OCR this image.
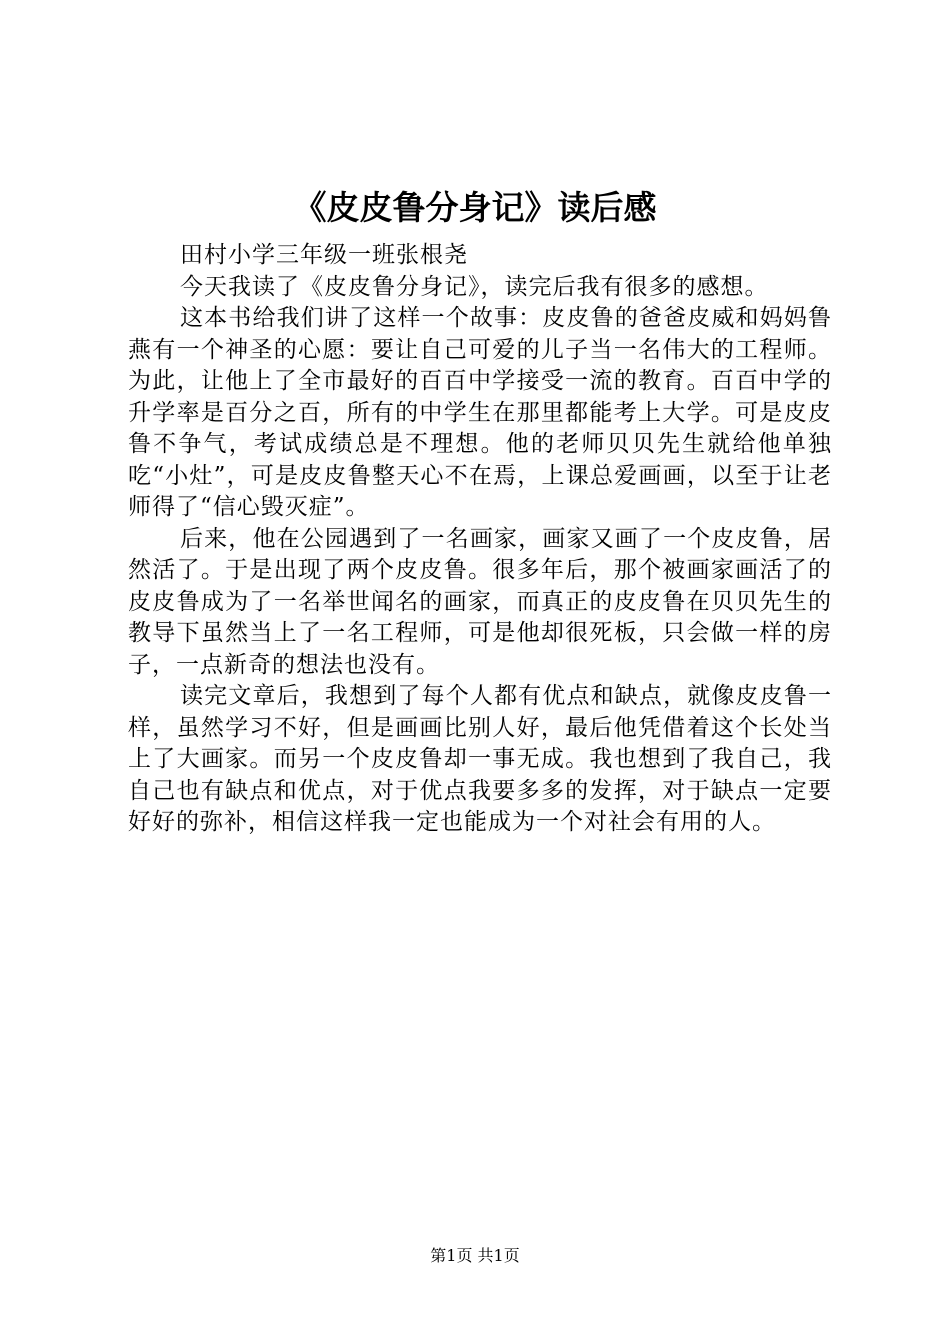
《皮皮鲁分身记》读后感

田村小学三年级一班张根尧

今天我读了《皮皮鲁分身记》，读完后我有很多的感想。

这本书给我们讲了这样一个故事：皮皮鲁的爸爸皮威和妈妈鲁燕有一个神圣的心愿：要让自己可爱的儿子当一名伟大的工程师。为此，让他上了全市最好的百百中学接受一流的教育。百百中学的升学率是百分之百，所有的中学生在那里都能考上大学。可是皮皮鲁不争气，考试成绩总是不理想。他的老师贝贝先生就给他单独吃“小灶”，可是皮皮鲁整天心不在焉，上课总爱画画，以至于让老师得了“信心毁灭症”。

后来，他在公园遇到了一名画家，画家又画了一个皮皮鲁，居然活了。于是出现了两个皮皮鲁。很多年后，那个被画家画活了的皮皮鲁成为了一名举世闻名的画家，而真正的皮皮鲁在贝贝先生的教导下虽然当上了一名工程师，可是他却很死板，只会做一样的房子，一点新奇的想法也没有。

读完文章后，我想到了每个人都有优点和缺点，就像皮皮鲁一样，虽然学习不好，但是画画比别人好，最后他凭借着这个长处当上了大画家。而另一个皮皮鲁却一事无成。我也想到了我自己，我自己也有缺点和优点，对于优点我要多多的发挥，对于缺点一定要好好的弥补，相信这样我一定也能成为一个对社会有用的人。

第1页 共1页
